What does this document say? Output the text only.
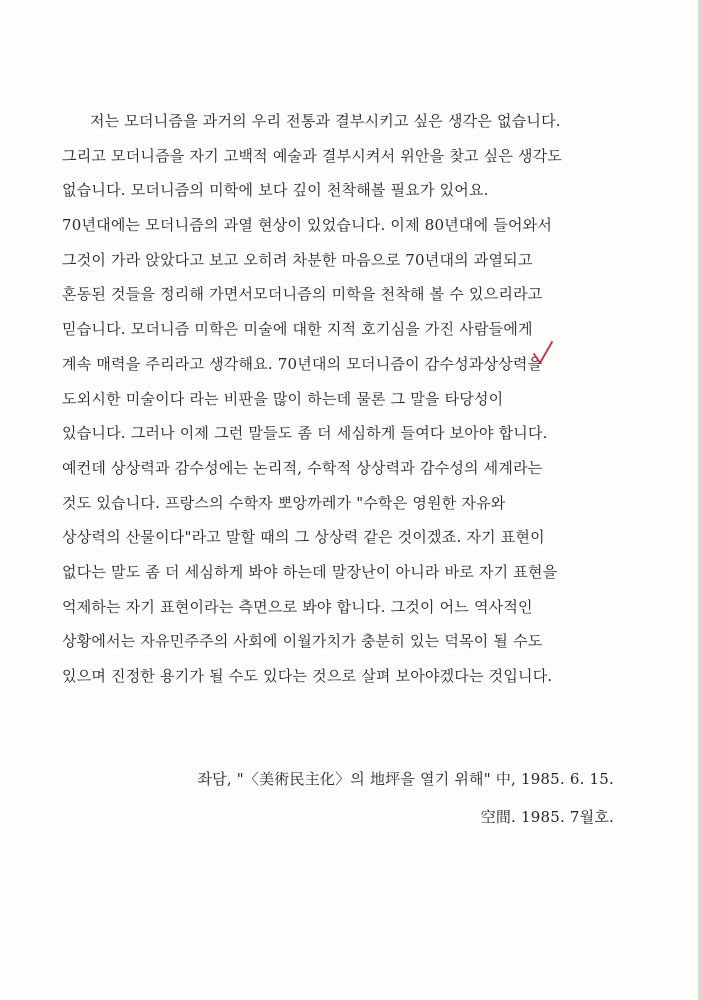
저는 모더니즘을 과거의 우리 전통과 결부시키고 싶은 생각은 없습니다.
그리고 모더니즘을 자기 고백적 예술과 결부시켜서 위안을 찾고 싶은 생각도
없습니다. 모더니즘의 미학에 보다 깊이 천착해볼 필요가 있어요.
70년대에는 모더니즘의 과열 현상이 있었습니다. 이제 80년대에 들어와서
그것이 가라 앉았다고 보고 오히려 차분한 마음으로 70년대의 과열되고
혼동된 것들을 정리해 가면서모더니즘의 미학을 천착해 볼 수 있으리라고
믿습니다. 모더니즘 미학은 미술에 대한 지적 호기심을 가진 사람들에게
계속 매력을 주리라고 생각해요. 70년대의 모더니즘이 감수성과상상력을
도외시한 미술이다 라는 비판을 많이 하는데 물론 그 말을 타당성이
있습니다. 그러나 이제 그런 말들도 좀 더 세심하게 들여다 보아야 합니다.
예컨데 상상력과 감수성에는 논리적, 수학적 상상력과 감수성의 세계라는
것도 있습니다. 프랑스의 수학자 뽀앙까레가 "수학은 영원한 자유와
상상력의 산물이다"라고 말할 때의 그 상상력 같은 것이겠죠. 자기 표현이
없다는 말도 좀 더 세심하게 봐야 하는데 말장난이 아니라 바로 자기 표현을
억제하는 자기 표현이라는 측면으로 봐야 합니다. 그것이 어느 역사적인
상황에서는 자유민주주의 사회에 이월가치가 충분히 있는 덕목이 될 수도
있으며 진정한 용기가 될 수도 있다는 것으로 살펴 보아야겠다는 것입니다.
좌담, "〈美術民主化〉의 地坪을 열기 위해" 中, 1985. 6. 15.
空間. 1985. 7월호.
